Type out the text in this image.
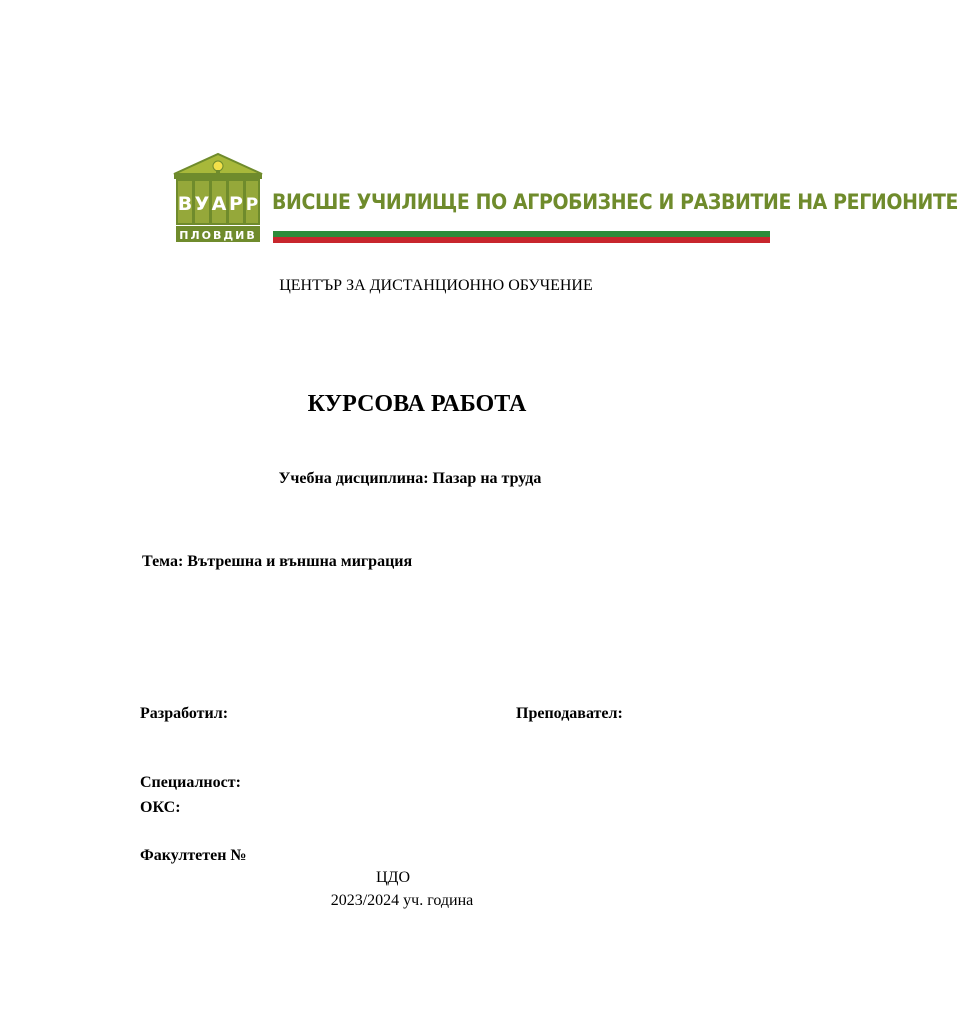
В У А Р Р
ПЛОВДИВ
ВИСШЕ УЧИЛИЩЕ ПО АГРОБИЗНЕС И РАЗВИТИЕ НА РЕГИОНИТЕ
ЦЕНТЪР ЗА ДИСТАНЦИОННО ОБУЧЕНИЕ
КУРСОВА РАБОТА
Учебна дисциплина: Пазар на труда
Тема: Вътрешна и външна миграция
Разработил:	Преподавател:
Специалност:
ОКС:
Факултетен №
ЦДО
2023/2024 уч. година
